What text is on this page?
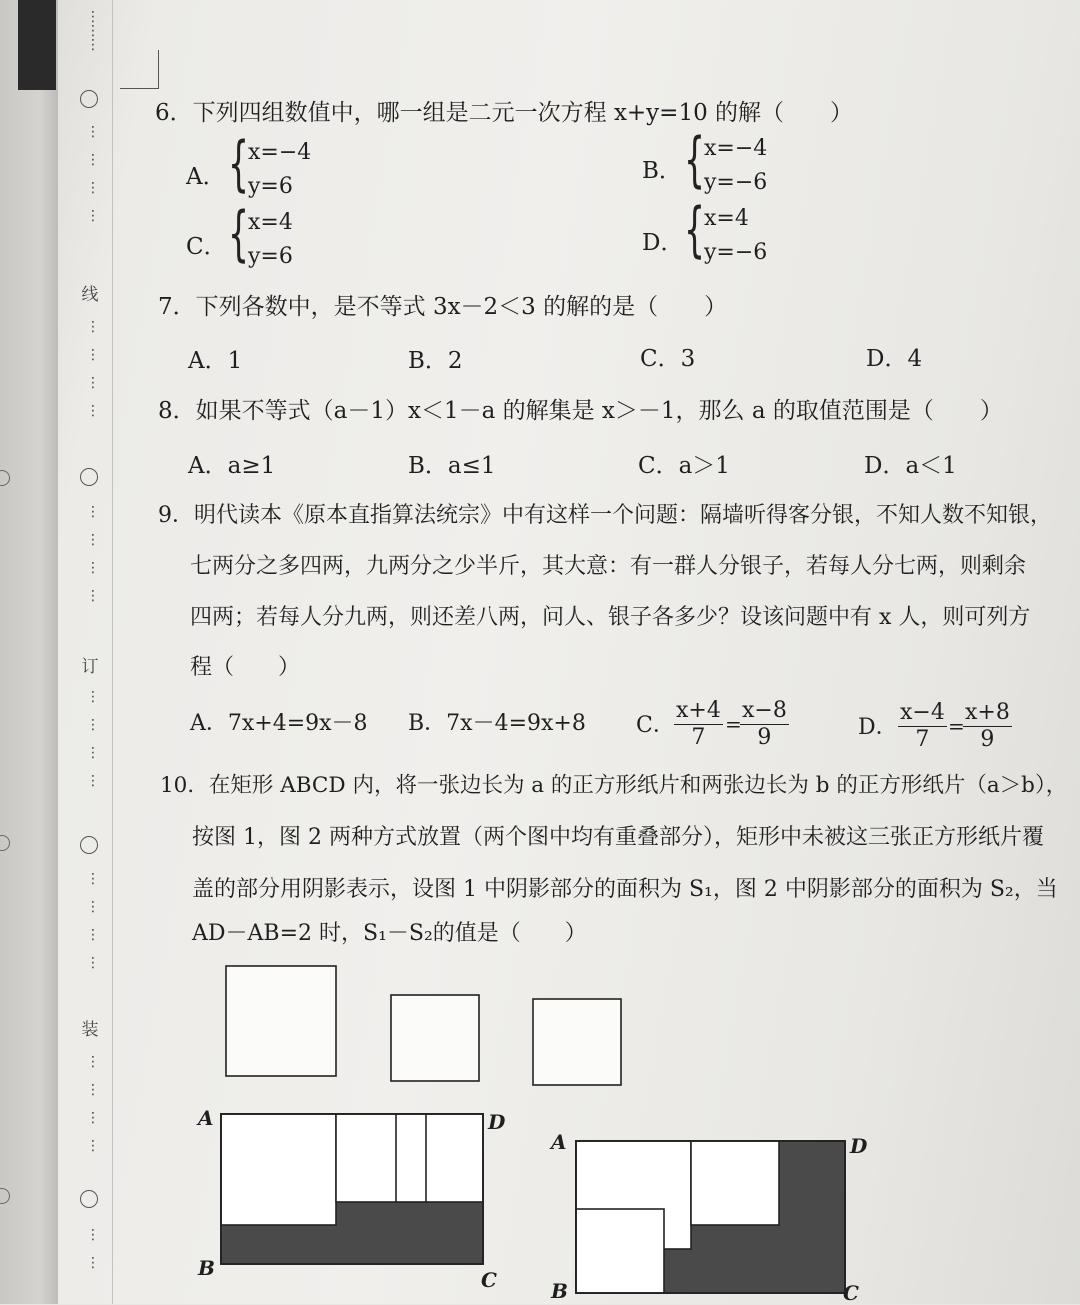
⋮
⋮
⋮
⋮

⋮

⋮

⋮
线
⋮

⋮

⋮

⋮
⋮

⋮

⋮

⋮
订
⋮

⋮

⋮

⋮
⋮

⋮

⋮

⋮
装
⋮

⋮

⋮

⋮
⋮

⋮
6．下列四组数值中，哪一组是二元一次方程 x+y=10 的解（　　）
A． {
x=−4
y=6
B． {
x=−4
y=−6
C． {
x=4
y=6
D． {
x=4
y=−6
7．下列各数中，是不等式 3x－2＜3 的解的是（　　）
A．1	B．2	C．3	D．4
8．如果不等式（a－1）x＜1－a 的解集是 x＞－1，那么 a 的取值范围是（　　）
A．a≥1	B．a≤1	C．a＞1	D．a＜1
9．明代读本《原本直指算法统宗》中有这样一个问题：隔墙听得客分银，不知人数不知银，
七两分之多四两，九两分之少半斤，其大意：有一群人分银子，若每人分七两，则剩余
四两；若每人分九两，则还差八两，问人、银子各多少？设该问题中有 x 人，则可列方
程（　　）
A．7x+4=9x－8 B．7x－4=9x+8 C． $\frac{x+4}{7}$ =
$\frac{x-8}{9}$	D． $\frac{x-4}{7}$ =
$\frac{x+8}{9}$
10．在矩形 ABCD 内，将一张边长为 a 的正方形纸片和两张边长为 b 的正方形纸片（a＞b），
按图 1，图 2 两种方式放置（两个图中均有重叠部分），矩形中未被这三张正方形纸片覆
盖的部分用阴影表示，设图 1 中阴影部分的面积为 S₁，图 2 中阴影部分的面积为 S₂，当
AD－AB=2 时，S₁－S₂的值是（　　）
A	D
B	C
A	D
B	C
